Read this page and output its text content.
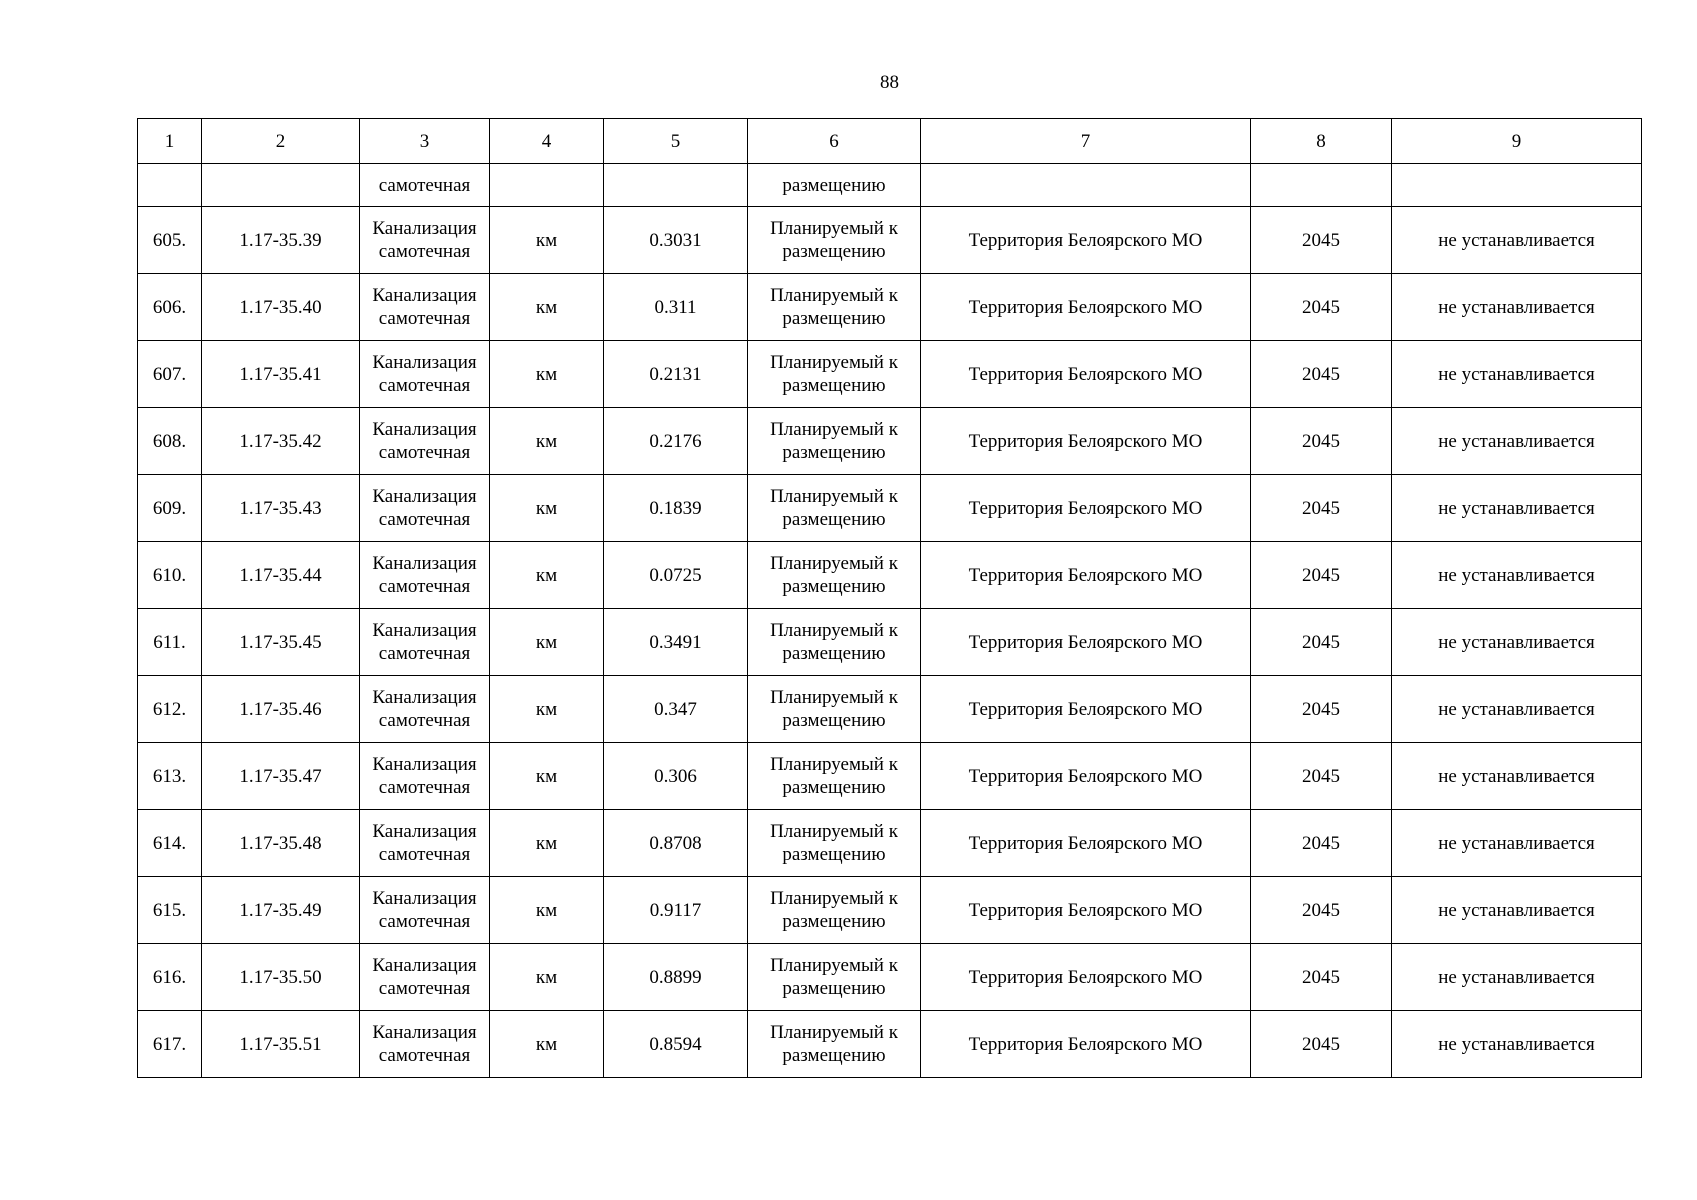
88
1	2	3	4	5	6	7	8	9
		самотечная			размещению			
605.	1.17-35.39	Канализация самотечная	км	0.3031	Планируемый к размещению	Территория Белоярского МО	2045	не устанавливается
606.	1.17-35.40	Канализация самотечная	км	0.311	Планируемый к размещению	Территория Белоярского МО	2045	не устанавливается
607.	1.17-35.41	Канализация самотечная	км	0.2131	Планируемый к размещению	Территория Белоярского МО	2045	не устанавливается
608.	1.17-35.42	Канализация самотечная	км	0.2176	Планируемый к размещению	Территория Белоярского МО	2045	не устанавливается
609.	1.17-35.43	Канализация самотечная	км	0.1839	Планируемый к размещению	Территория Белоярского МО	2045	не устанавливается
610.	1.17-35.44	Канализация самотечная	км	0.0725	Планируемый к размещению	Территория Белоярского МО	2045	не устанавливается
611.	1.17-35.45	Канализация самотечная	км	0.3491	Планируемый к размещению	Территория Белоярского МО	2045	не устанавливается
612.	1.17-35.46	Канализация самотечная	км	0.347	Планируемый к размещению	Территория Белоярского МО	2045	не устанавливается
613.	1.17-35.47	Канализация самотечная	км	0.306	Планируемый к размещению	Территория Белоярского МО	2045	не устанавливается
614.	1.17-35.48	Канализация самотечная	км	0.8708	Планируемый к размещению	Территория Белоярского МО	2045	не устанавливается
615.	1.17-35.49	Канализация самотечная	км	0.9117	Планируемый к размещению	Территория Белоярского МО	2045	не устанавливается
616.	1.17-35.50	Канализация самотечная	км	0.8899	Планируемый к размещению	Территория Белоярского МО	2045	не устанавливается
617.	1.17-35.51	Канализация самотечная	км	0.8594	Планируемый к размещению	Территория Белоярского МО	2045	не устанавливается
